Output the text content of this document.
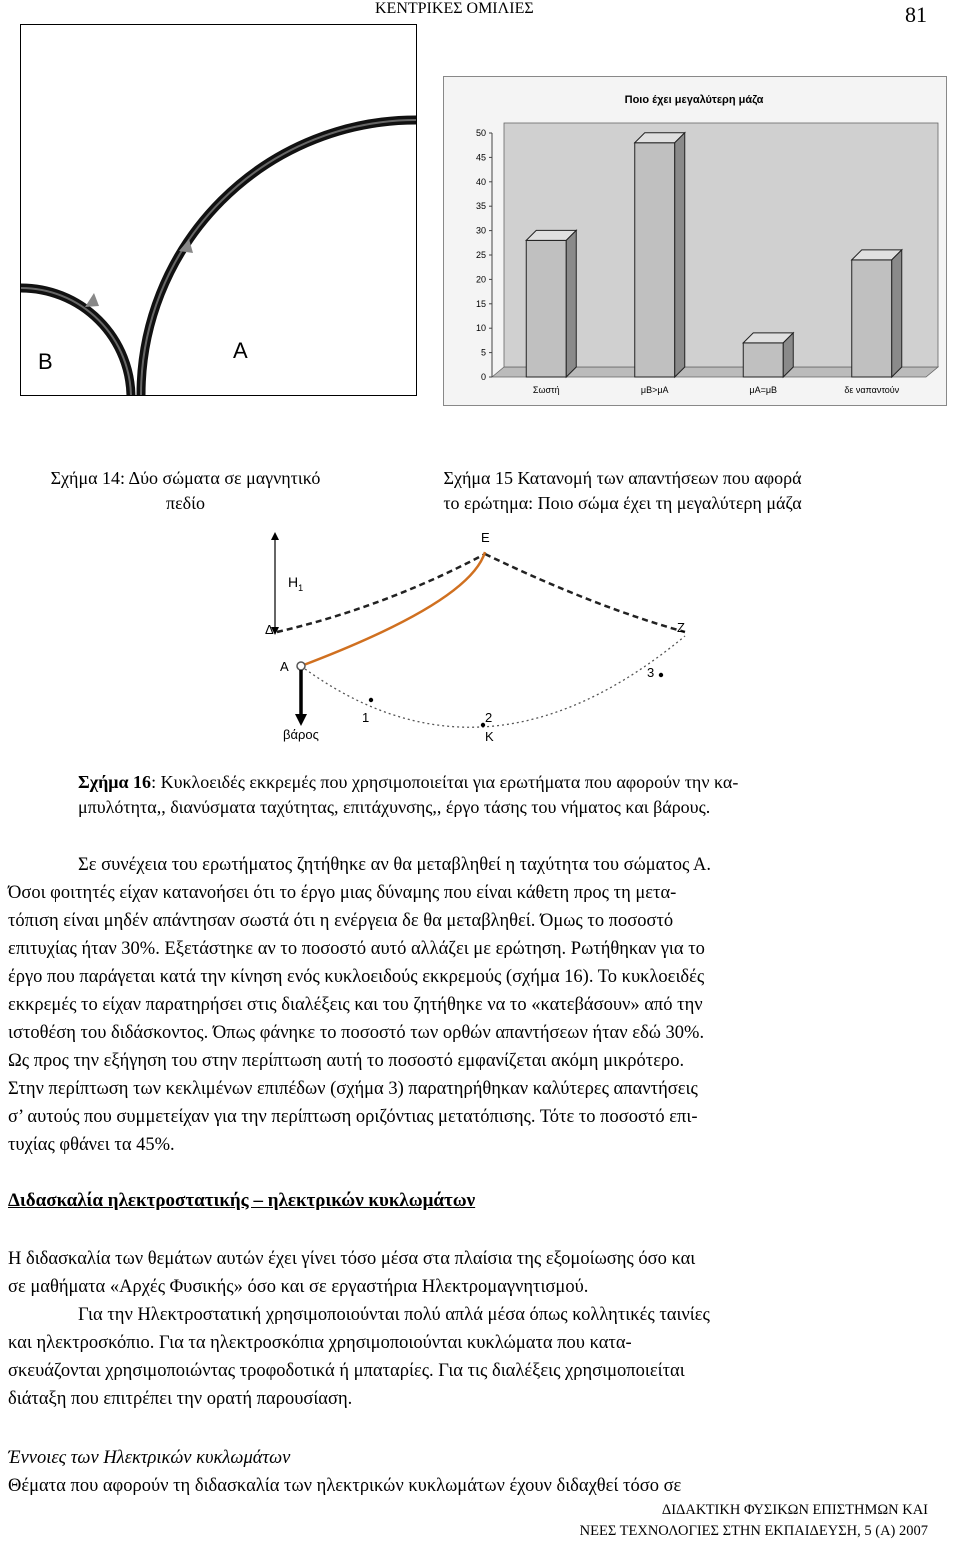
ΚΕΝΤΡΙΚΕΣ ΟΜΙΛΙΕΣ	81
B	A
Ποιο έχει μεγαλύτερη μάζα
0
5
10
15
20
25
30
35
40
45
50
Σωστή	μB>μA	μA=μB	δε ναπαντούν
Σχήμα 14: Δύο σώματα σε μαγνητικό
πεδίο
Σχήμα 15 Κατανομή των απαντήσεων που αφορά
το ερώτημα: Ποιο σώμα έχει τη μεγαλύτερη μάζα
E
$H_1$
Δ	Z
A	3
1	2
K
βάρος
Σχήμα 16: Κυκλοειδές εκκρεμές που χρησιμοποιείται για ερωτήματα που αφορούν την κα-
μπυλότητα,, διανύσματα ταχύτητας, επιτάχυνσης,, έργο τάσης του νήματος και βάρους.
Σε συνέχεια του ερωτήματος ζητήθηκε αν θα μεταβληθεί η ταχύτητα του σώματος Α.
Όσοι φοιτητές είχαν κατανοήσει ότι το έργο μιας δύναμης που είναι κάθετη προς τη μετα-
τόπιση είναι μηδέν απάντησαν σωστά ότι η ενέργεια δε θα μεταβληθεί. Όμως το ποσοστό
επιτυχίας ήταν 30%. Εξετάστηκε αν το ποσοστό αυτό αλλάζει με ερώτηση. Ρωτήθηκαν για το
έργο που παράγεται κατά την κίνηση ενός κυκλοειδούς εκκρεμούς (σχήμα 16). Το κυκλοειδές
εκκρεμές το είχαν παρατηρήσει στις διαλέξεις και του ζητήθηκε να το «κατεβάσουν» από την
ιστοθέση του διδάσκοντος. Όπως φάνηκε το ποσοστό των ορθών απαντήσεων ήταν εδώ 30%.
Ως προς την εξήγηση του στην περίπτωση αυτή το ποσοστό εμφανίζεται ακόμη μικρότερο.
Στην περίπτωση των κεκλιμένων επιπέδων (σχήμα 3) παρατηρήθηκαν καλύτερες απαντήσεις
σ’ αυτούς που συμμετείχαν για την περίπτωση οριζόντιας μετατόπισης. Τότε το ποσοστό επι-
τυχίας φθάνει τα 45%.
Διδασκαλία ηλεκτροστατικής – ηλεκτρικών κυκλωμάτων
Η διδασκαλία των θεμάτων αυτών έχει γίνει τόσο μέσα στα πλαίσια της εξομοίωσης όσο και
σε μαθήματα «Αρχές Φυσικής» όσο και σε εργαστήρια Ηλεκτρομαγνητισμού.
Για την Ηλεκτροστατική χρησιμοποιούνται πολύ απλά μέσα όπως κολλητικές ταινίες
και ηλεκτροσκόπιο. Για τα ηλεκτροσκόπια χρησιμοποιούνται κυκλώματα που κατα-
σκευάζονται χρησιμοποιώντας τροφοδοτικά ή μπαταρίες. Για τις διαλέξεις χρησιμοποιείται
διάταξη που επιτρέπει την ορατή παρουσίαση.
Έννοιες των Ηλεκτρικών κυκλωμάτων
Θέματα που αφορούν τη διδασκαλία των ηλεκτρικών κυκλωμάτων έχουν διδαχθεί τόσο σε
ΔΙΔΑΚΤΙΚΗ ΦΥΣΙΚΩΝ ΕΠΙΣΤΗΜΩΝ ΚΑΙ
ΝΕΕΣ ΤΕΧΝΟΛΟΓΙΕΣ ΣΤΗΝ ΕΚΠΑΙΔΕΥΣΗ, 5 (Α) 2007
